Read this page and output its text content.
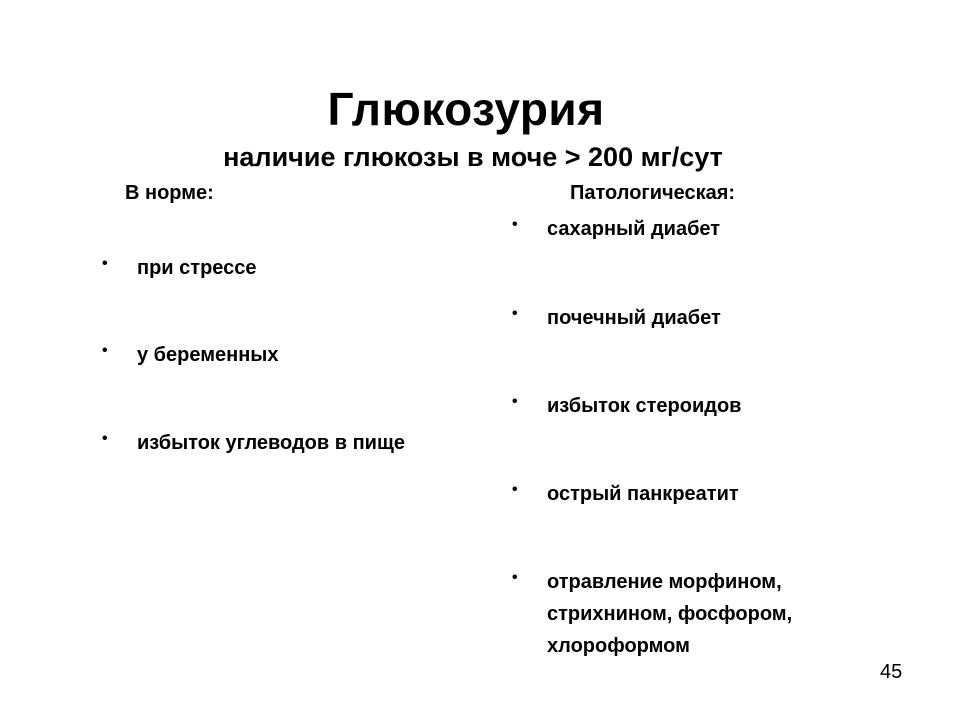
Глюкозурия
наличие глюкозы в моче > 200 мг/сут
В норме:	Патологическая:
• при стрессе
• у беременных
• избыток углеводов в пище
• сахарный диабет
• почечный диабет
• избыток стероидов
• острый панкреатит
• отравление морфином,
стрихнином, фосфором,
хлороформом
45
